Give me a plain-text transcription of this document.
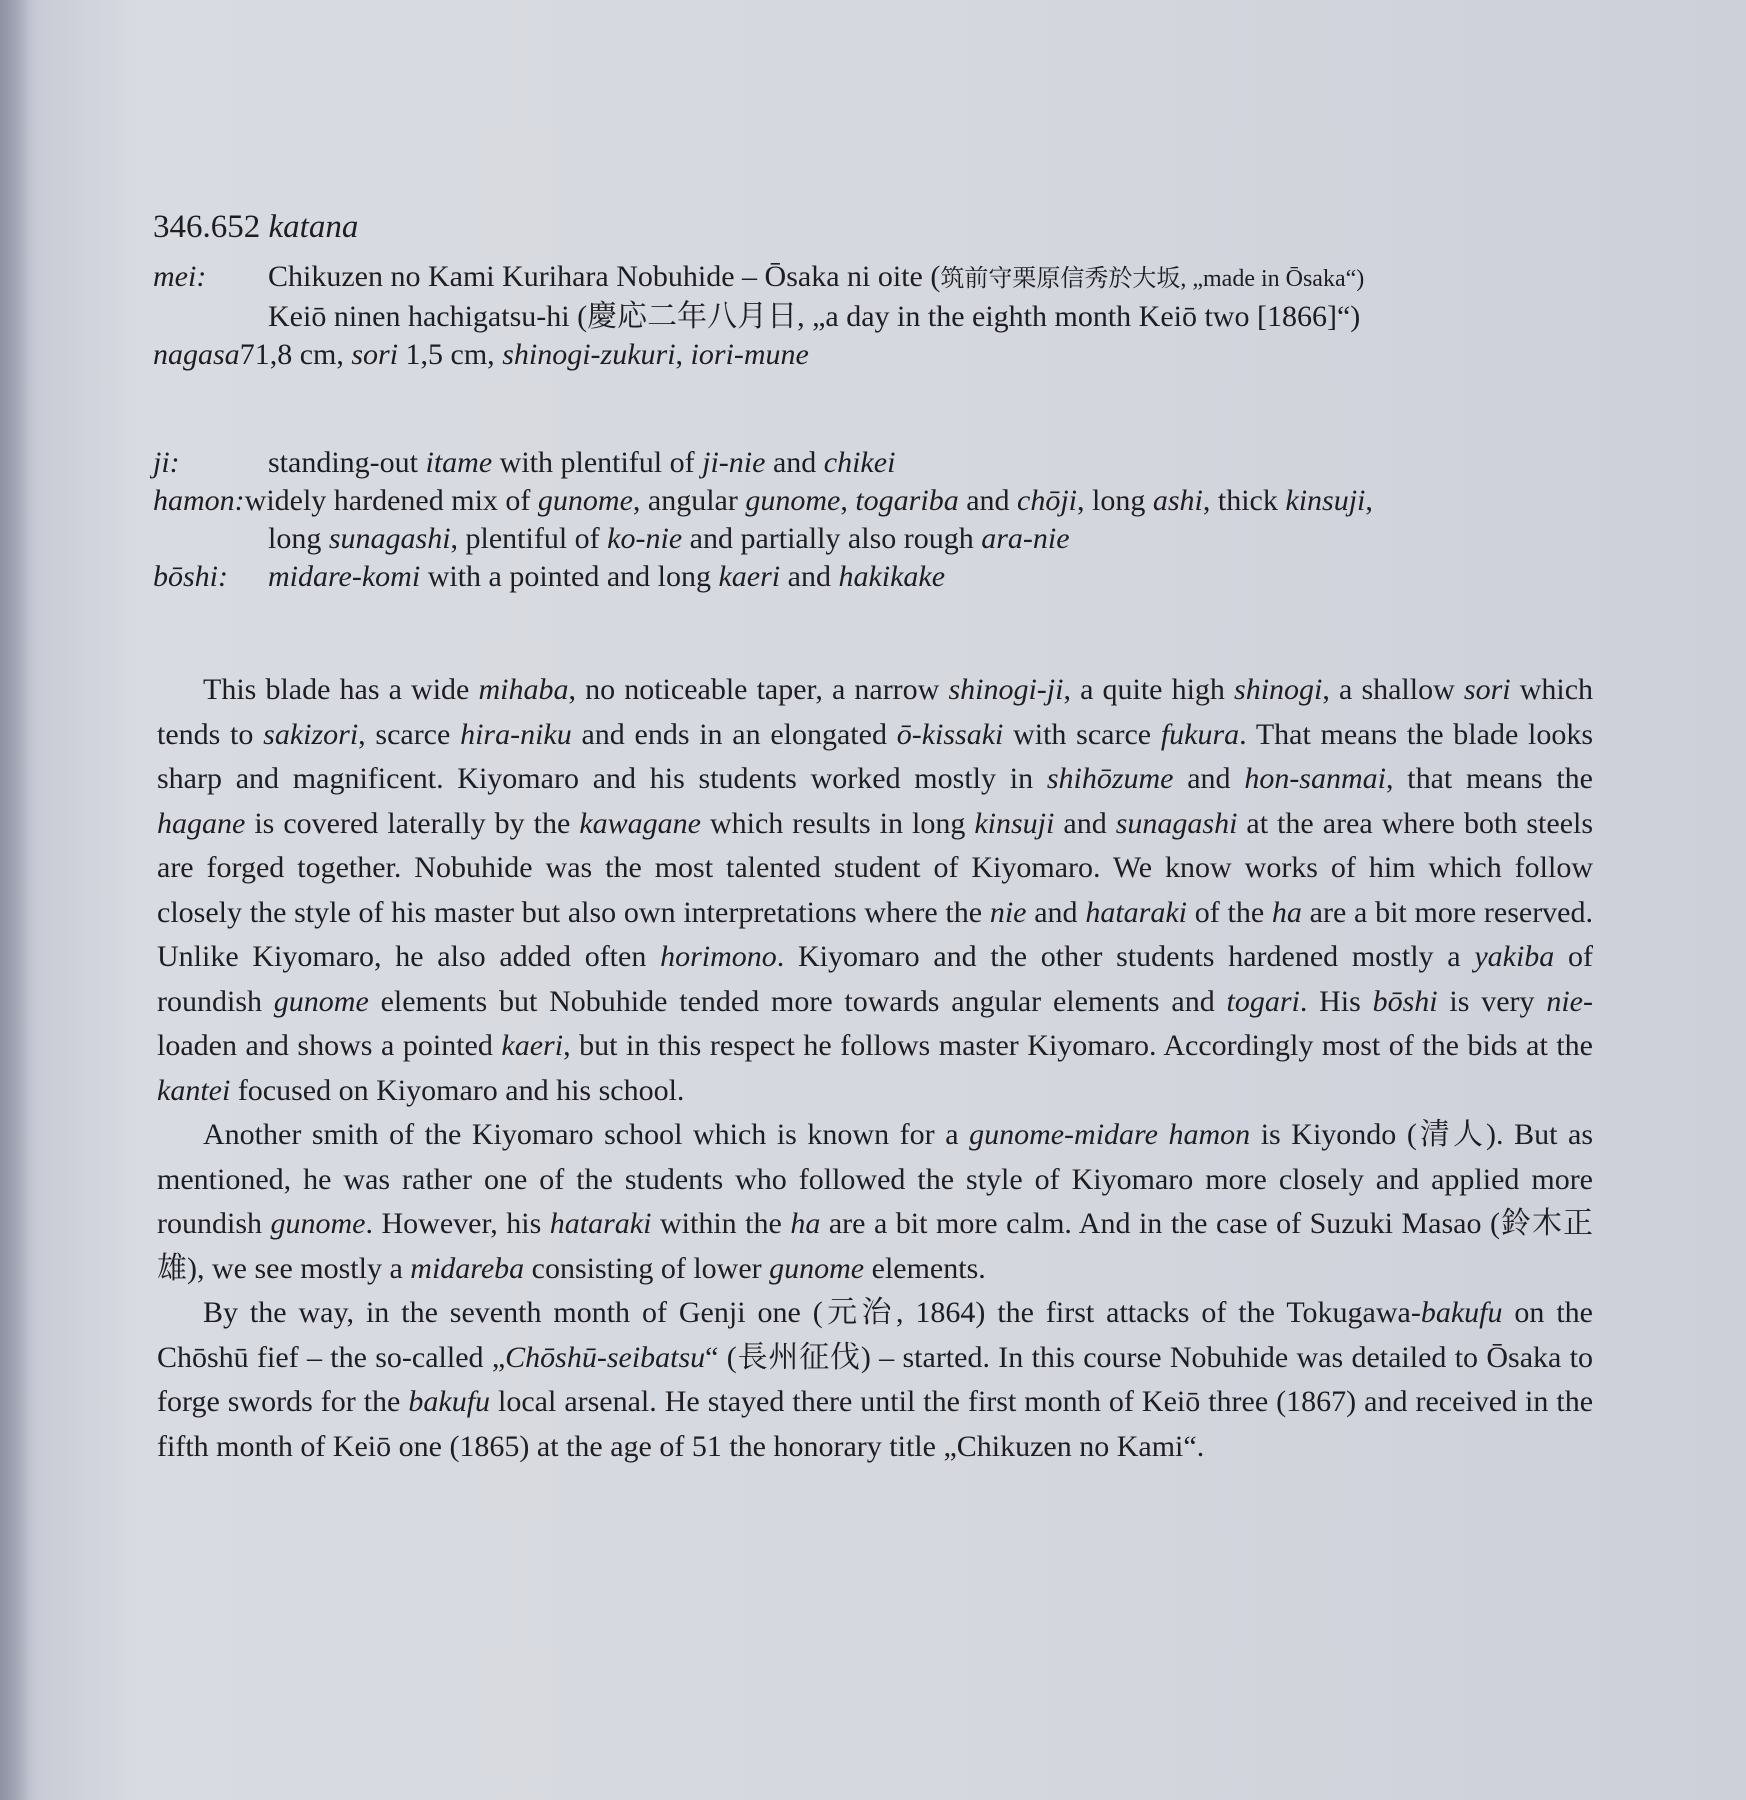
346.652 katana
mei:	Chikuzen no Kami Kurihara Nobuhide – Ōsaka ni oite (筑前守栗原信秀於大坂, „made in Ōsaka“)
Keiō ninen hachigatsu-hi (慶応二年八月日, „a day in the eighth month Keiō two [1866]“)
nagasa 71,8 cm, sori 1,5 cm, shinogi-zukuri, iori-mune
ji:	standing-out itame with plentiful of ji-nie and chikei
hamon: widely hardened mix of gunome, angular gunome, togariba and chōji, long ashi, thick kinsuji,
long sunagashi, plentiful of ko-nie and partially also rough ara-nie
bōshi:	midare-komi with a pointed and long kaeri and hakikake

This blade has a wide mihaba, no noticeable taper, a narrow shinogi-ji, a quite high shinogi, a shallow sori which tends to sakizori, scarce hira-niku and ends in an elongated ō-kissaki with scarce fukura. That means the blade looks sharp and magnificent. Kiyomaro and his students worked mostly in shihōzume and hon-sanmai, that means the hagane is covered laterally by the kawagane which results in long kinsuji and sunagashi at the area where both steels are forged together. Nobuhide was the most talented student of Kiyomaro. We know works of him which follow closely the style of his master but also own interpretations where the nie and hataraki of the ha are a bit more reserved. Unlike Kiyomaro, he also added often horimono. Kiyomaro and the other students hardened mostly a yakiba of roundish gunome elements but Nobuhide tended more towards angular elements and togari. His bōshi is very nie-loaden and shows a pointed kaeri, but in this respect he follows master Kiyomaro. Accordingly most of the bids at the kantei focused on Kiyomaro and his school.

Another smith of the Kiyomaro school which is known for a gunome-midare hamon is Kiyondo (清人). But as mentioned, he was rather one of the students who followed the style of Kiyomaro more closely and applied more roundish gunome. However, his hataraki within the ha are a bit more calm. And in the case of Suzuki Masao (鈴木正雄), we see mostly a midareba consisting of lower gunome elements.

By the way, in the seventh month of Genji one (元治, 1864) the first attacks of the Tokugawa-bakufu on the Chōshū fief – the so-called „Chōshū-seibatsu“ (長州征伐) – started. In this course Nobuhide was detailed to Ōsaka to forge swords for the bakufu local arsenal. He stayed there until the first month of Keiō three (1867) and received in the fifth month of Keiō one (1865) at the age of 51 the honorary title „Chikuzen no Kami“.
